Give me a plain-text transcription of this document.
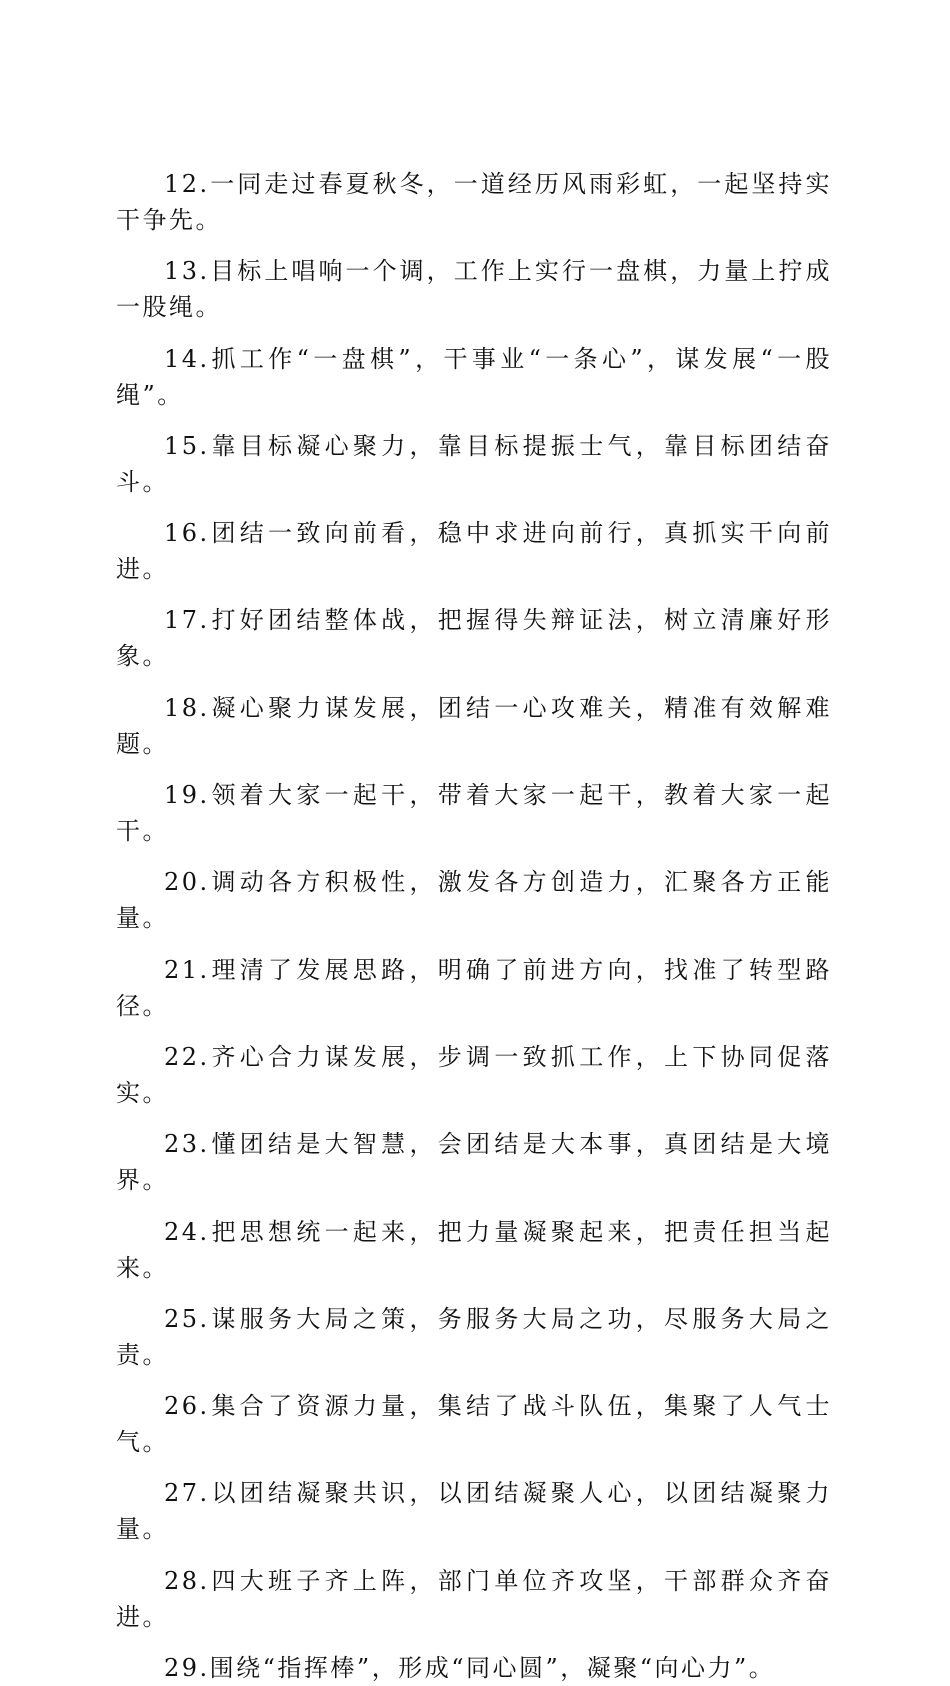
12.一同走过春夏秋冬，一道经历风雨彩虹，一起坚持实干争先。

13.目标上唱响一个调，工作上实行一盘棋，力量上拧成一股绳。

14.抓工作“一盘棋”，干事业“一条心”，谋发展“一股绳”。

15.靠目标凝心聚力，靠目标提振士气，靠目标团结奋斗。

16.团结一致向前看，稳中求进向前行，真抓实干向前进。

17.打好团结整体战，把握得失辩证法，树立清廉好形象。

18.凝心聚力谋发展，团结一心攻难关，精准有效解难题。

19.领着大家一起干，带着大家一起干，教着大家一起干。

20.调动各方积极性，激发各方创造力，汇聚各方正能量。

21.理清了发展思路，明确了前进方向，找准了转型路径。

22.齐心合力谋发展，步调一致抓工作，上下协同促落实。

23.懂团结是大智慧，会团结是大本事，真团结是大境界。

24.把思想统一起来，把力量凝聚起来，把责任担当起来。

25.谋服务大局之策，务服务大局之功，尽服务大局之责。

26.集合了资源力量，集结了战斗队伍，集聚了人气士气。

27.以团结凝聚共识，以团结凝聚人心，以团结凝聚力量。

28.四大班子齐上阵，部门单位齐攻坚，干部群众齐奋进。

29.围绕“指挥棒”，形成“同心圆”，凝聚“向心力”。
